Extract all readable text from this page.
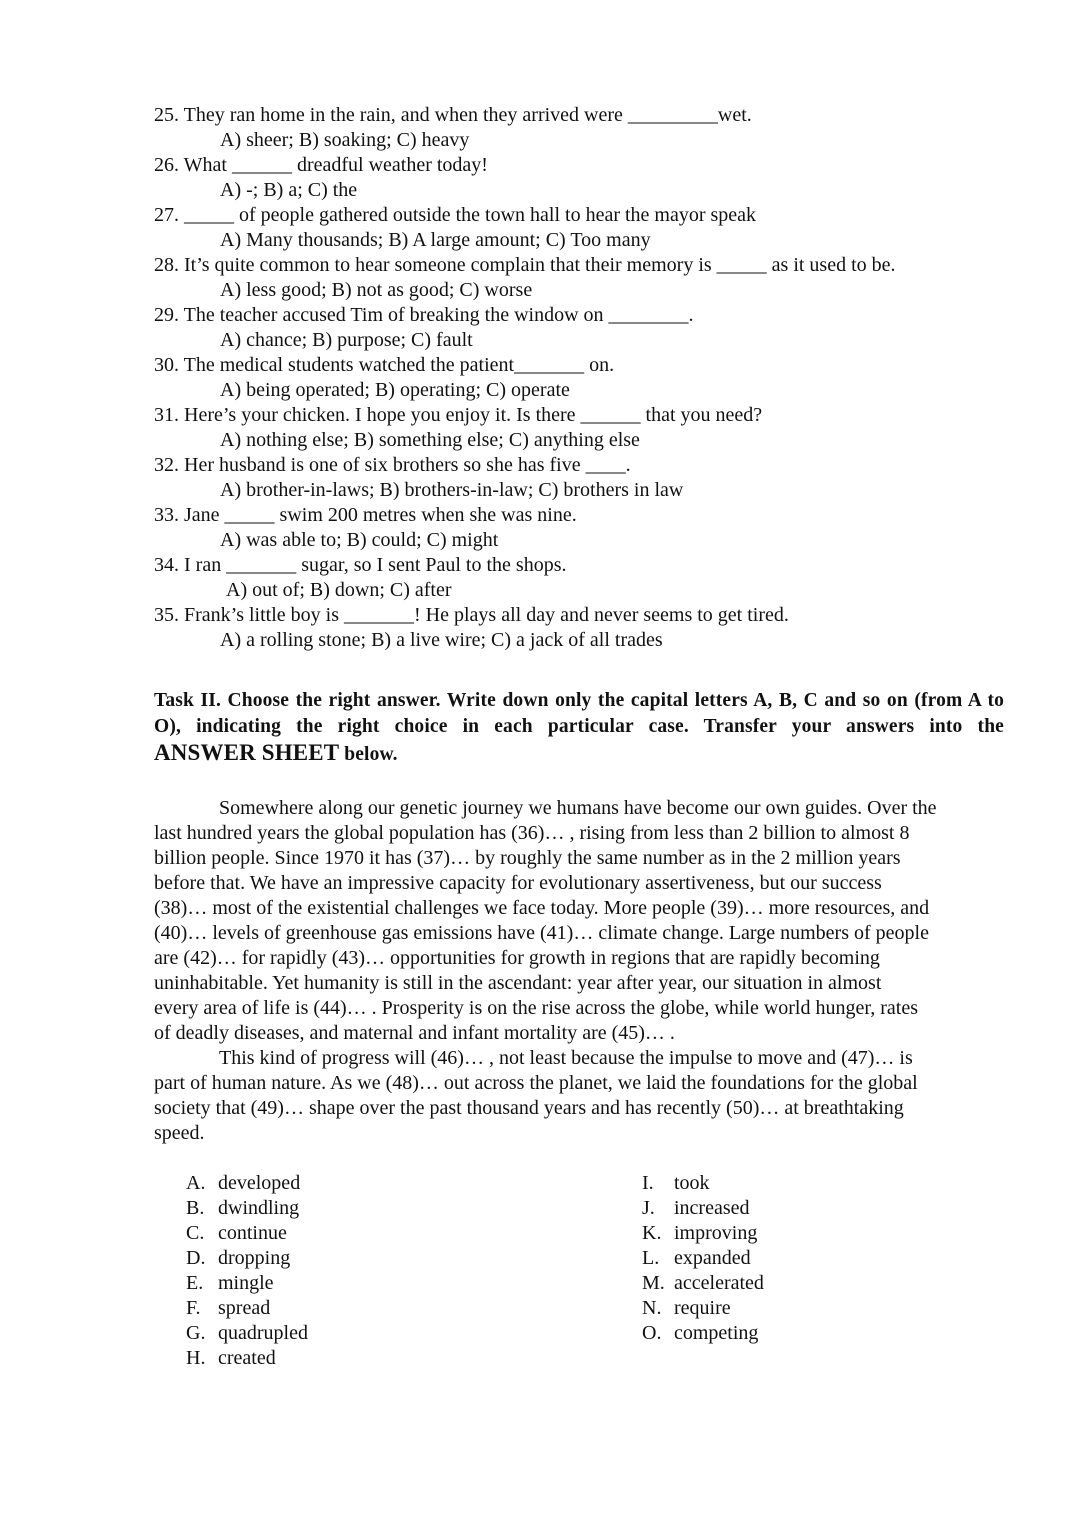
25. They ran home in the rain, and when they arrived were _________wet.
A) sheer; B) soaking; C) heavy
26. What ______ dreadful weather today!
A) -; B) a; C) the
27. _____ of people gathered outside the town hall to hear the mayor speak
A) Many thousands; B) A large amount; C) Too many
28. It’s quite common to hear someone complain that their memory is _____ as it used to be.
A) less good; B) not as good; C) worse
29. The teacher accused Tim of breaking the window on ________.
A) chance; B) purpose; C) fault
30. The medical students watched the patient_______ on.
A) being operated; B) operating; C) operate
31. Here’s your chicken. I hope you enjoy it. Is there ______ that you need?
A) nothing else; B) something else; C) anything else
32. Her husband is one of six brothers so she has five ____.
A) brother-in-laws; B) brothers-in-law; C) brothers in law
33. Jane _____ swim 200 metres when she was nine.
A) was able to; B) could; C) might
34. I ran _______ sugar, so I sent Paul to the shops.
A) out of; B) down; C) after
35. Frank’s little boy is _______! He plays all day and never seems to get tired.
A) a rolling stone; B) a live wire; C) a jack of all trades
Task II. Choose the right answer. Write down only the capital letters A, B, C and so on (from A to O), indicating the right choice in each particular case. Transfer your answers into the
ANSWER SHEET below.
Somewhere along our genetic journey we humans have become our own guides. Over the
last hundred years the global population has (36)… , rising from less than 2 billion to almost 8
billion people. Since 1970 it has (37)… by roughly the same number as in the 2 million years
before that. We have an impressive capacity for evolutionary assertiveness, but our success
(38)… most of the existential challenges we face today. More people (39)… more resources, and
(40)… levels of greenhouse gas emissions have (41)… climate change. Large numbers of people
are (42)… for rapidly (43)… opportunities for growth in regions that are rapidly becoming
uninhabitable. Yet humanity is still in the ascendant: year after year, our situation in almost
every area of life is (44)… . Prosperity is on the rise across the globe, while world hunger, rates
of deadly diseases, and maternal and infant mortality are (45)… .
This kind of progress will (46)… , not least because the impulse to move and (47)… is
part of human nature. As we (48)… out across the planet, we laid the foundations for the global
society that (49)… shape over the past thousand years and has recently (50)… at breathtaking
speed.
A. developed
B. dwindling
C. continue
D. dropping
E. mingle
F. spread
G. quadrupled
H. created
I. took
J. increased
K. improving
L. expanded
M. accelerated
N. require
O. competing
